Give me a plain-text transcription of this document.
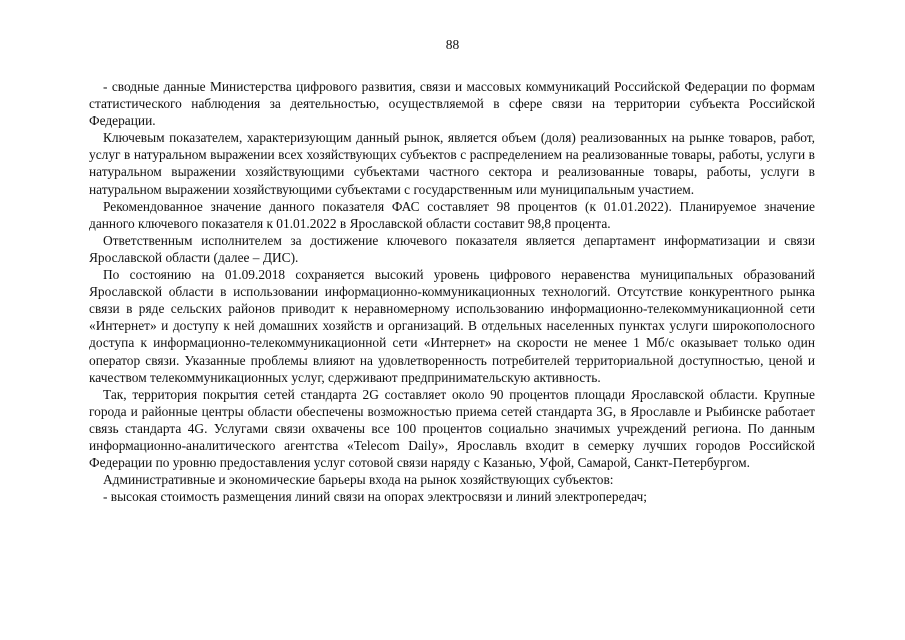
88

- сводные данные Министерства цифрового развития, связи и массовых коммуникаций Российской Федерации по формам статистического наблюдения за деятельностью, осуществляемой в сфере связи на территории субъекта Российской Федерации.

Ключевым показателем, характеризующим данный рынок, является объем (доля) реализованных на рынке товаров, работ, услуг в натуральном выражении всех хозяйствующих субъектов с распределением на реализованные товары, работы, услуги в натуральном выражении хозяйствующими субъектами частного сектора и реализованные товары, работы, услуги в натуральном выражении хозяйствующими субъектами с государственным или муниципальным участием.

Рекомендованное значение данного показателя ФАС составляет 98 процентов (к 01.01.2022). Планируемое значение данного ключевого показателя к 01.01.2022 в Ярославской области составит 98,8 процента.

Ответственным исполнителем за достижение ключевого показателя является департамент информатизации и связи Ярославской области (далее – ДИС).

По состоянию на 01.09.2018 сохраняется высокий уровень цифрового неравенства муниципальных образований Ярославской области в использовании информационно-коммуникационных технологий. Отсутствие конкурентного рынка связи в ряде сельских районов приводит к неравномерному использованию информационно-телекоммуникационной сети «Интернет» и доступу к ней домашних хозяйств и организаций. В отдельных населенных пунктах услуги широкополосного доступа к информационно-телекоммуникационной сети «Интернет» на скорости не менее 1 Мб/с оказывает только один оператор связи. Указанные проблемы влияют на удовлетворенность потребителей территориальной доступностью, ценой и качеством телекоммуникационных услуг, сдерживают предпринимательскую активность.

Так, территория покрытия сетей стандарта 2G составляет около 90 процентов площади Ярославской области. Крупные города и районные центры области обеспечены возможностью приема сетей стандарта 3G, в Ярославле и Рыбинске работает связь стандарта 4G. Услугами связи охвачены все 100 процентов социально значимых учреждений региона. По данным информационно-аналитического агентства «Telecom Daily», Ярославль входит в семерку лучших городов Российской Федерации по уровню предоставления услуг сотовой связи наряду с Казанью, Уфой, Самарой, Санкт-Петербургом.

Административные и экономические барьеры входа на рынок хозяйствующих субъектов:

- высокая стоимость размещения линий связи на опорах электросвязи и линий электропередач;
